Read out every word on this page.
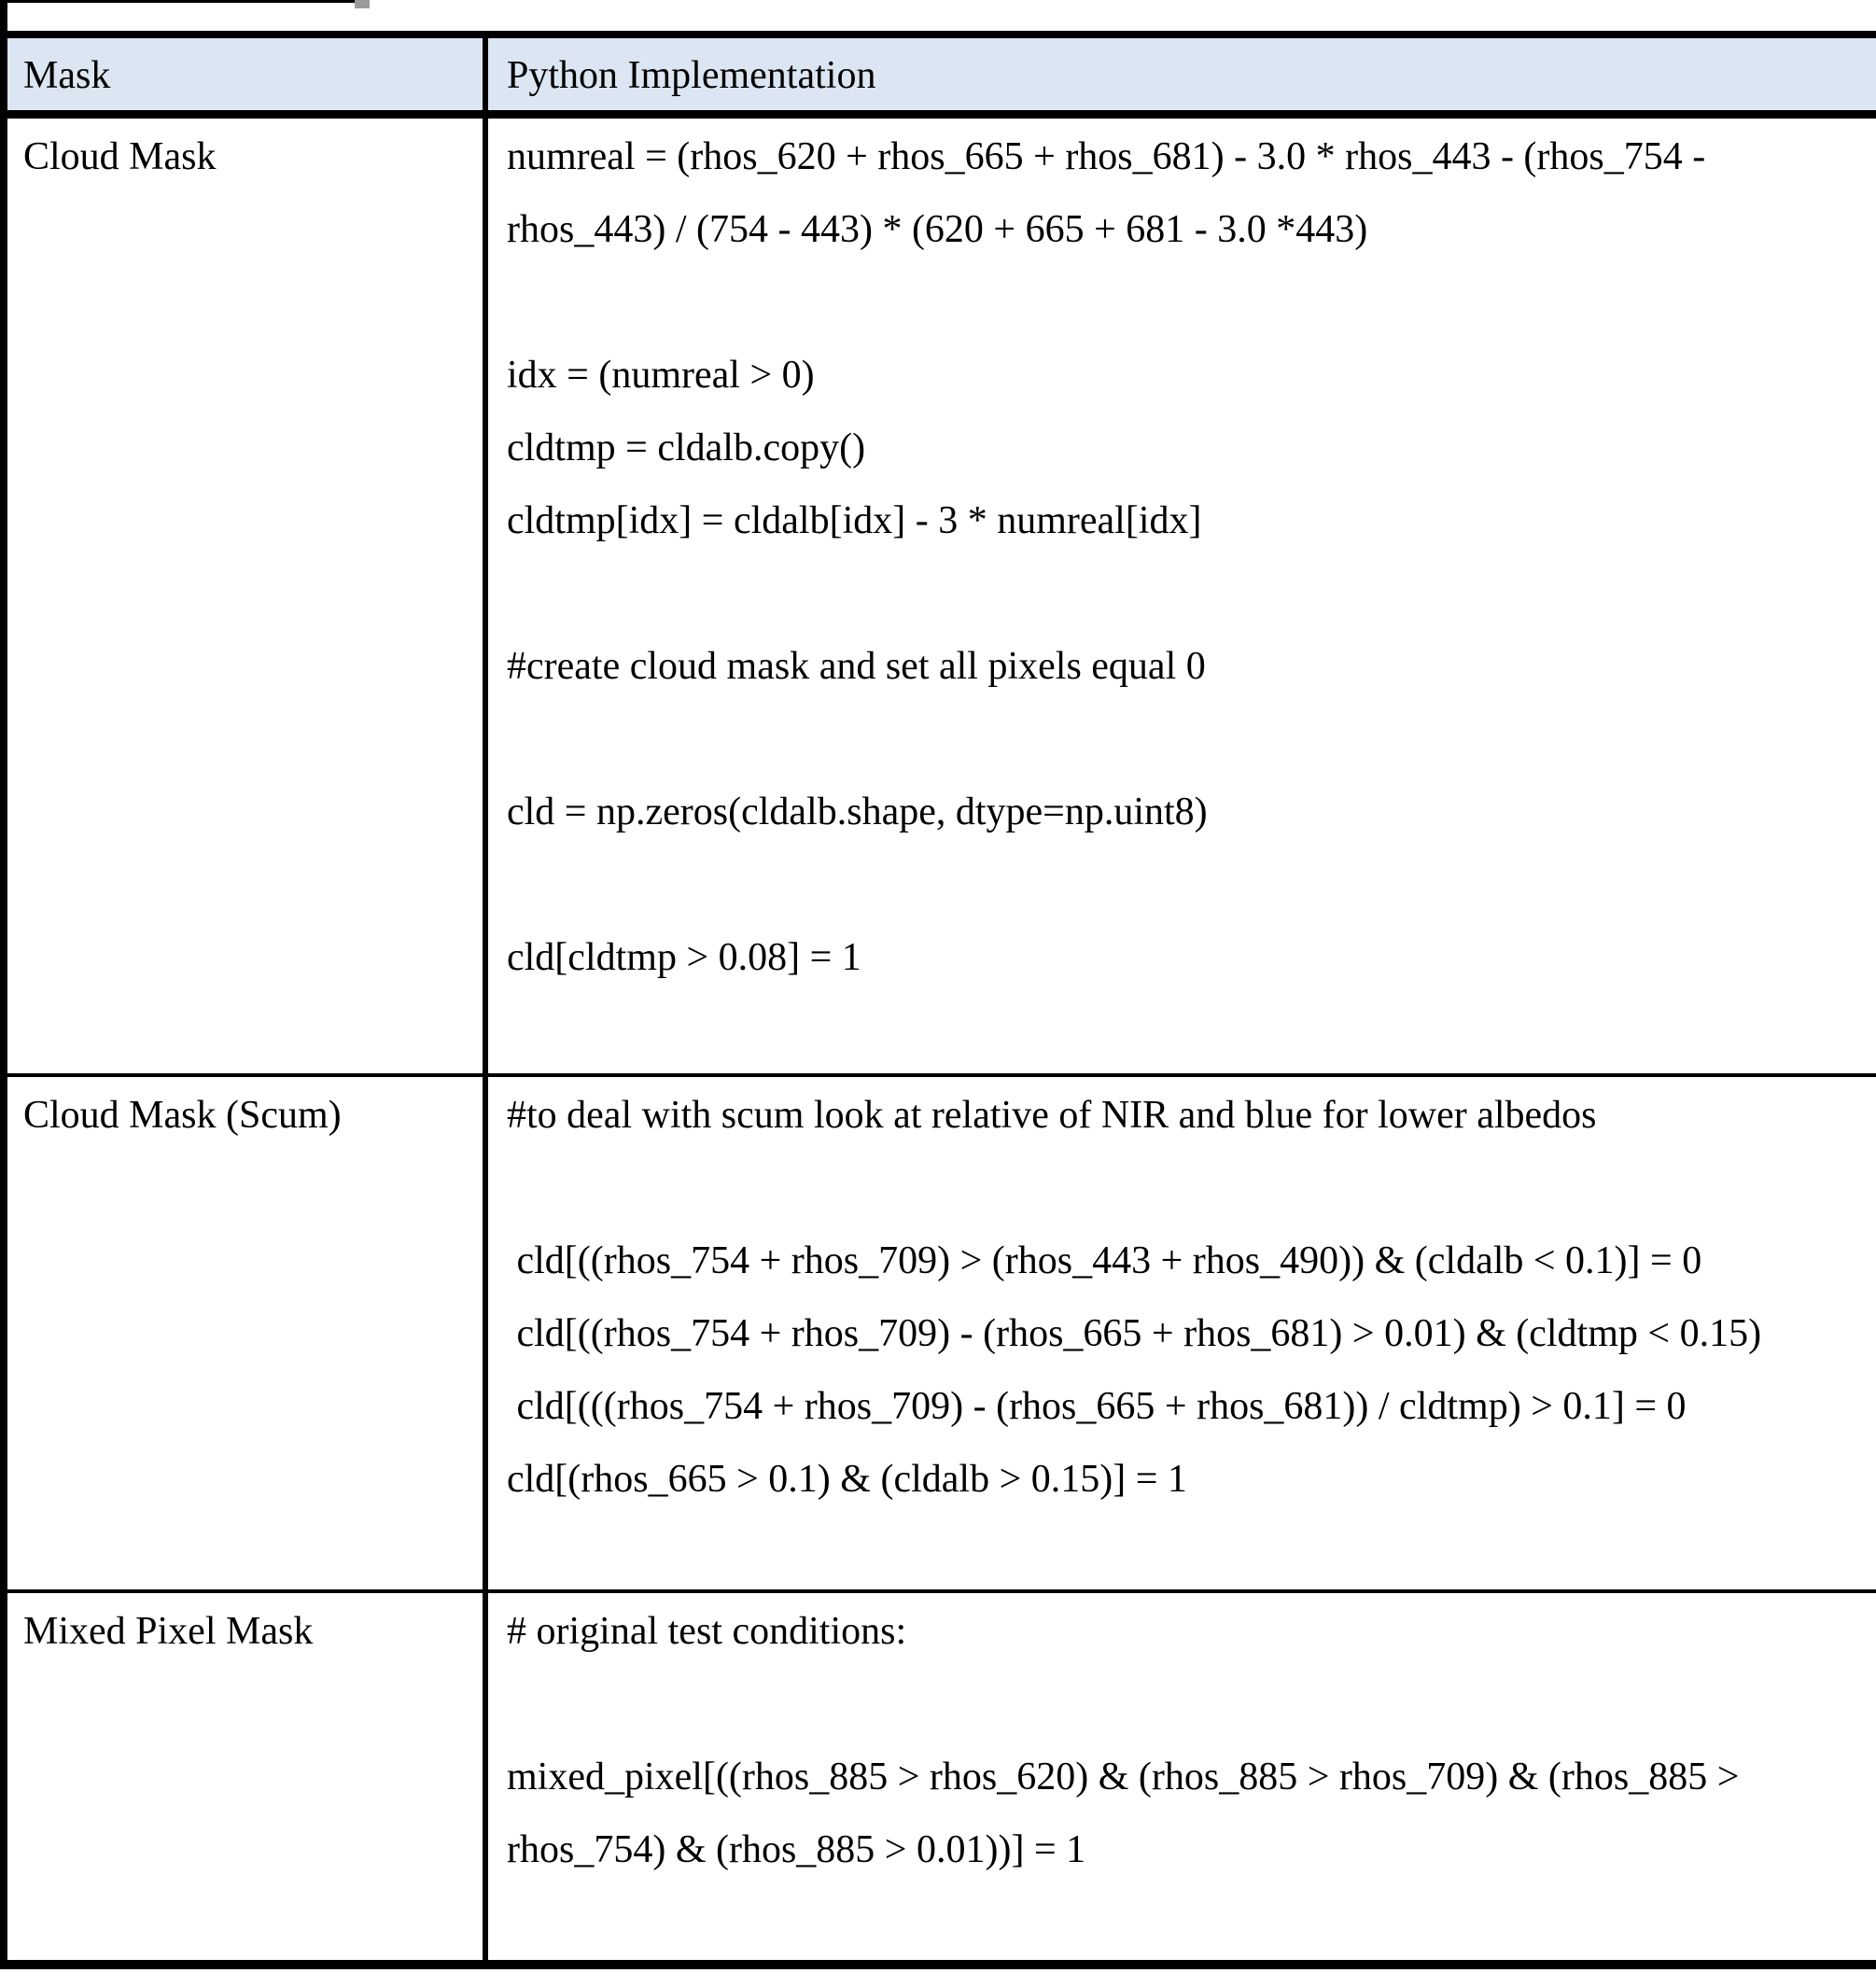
Mask	Python Implementation
Cloud Mask	numreal = (rhos_620 + rhos_665 + rhos_681) - 3.0 * rhos_443 - (rhos_754 -
rhos_443) / (754 - 443) * (620 + 665 + 681 - 3.0 *443)
idx = (numreal > 0)
cldtmp = cldalb.copy()
cldtmp[idx] = cldalb[idx] - 3 * numreal[idx]
#create cloud mask and set all pixels equal 0
cld = np.zeros(cldalb.shape, dtype=np.uint8)
cld[cldtmp > 0.08] = 1
Cloud Mask (Scum)	#to deal with scum look at relative of NIR and blue for lower albedos
cld[((rhos_754 + rhos_709) > (rhos_443 + rhos_490)) & (cldalb < 0.1)] = 0
cld[((rhos_754 + rhos_709) - (rhos_665 + rhos_681) > 0.01) & (cldtmp < 0.15)
cld[(((rhos_754 + rhos_709) - (rhos_665 + rhos_681)) / cldtmp) > 0.1] = 0
cld[(rhos_665 > 0.1) & (cldalb > 0.15)] = 1
Mixed Pixel Mask	# original test conditions:
mixed_pixel[((rhos_885 > rhos_620) & (rhos_885 > rhos_709) & (rhos_885 >
rhos_754) & (rhos_885 > 0.01))] = 1
